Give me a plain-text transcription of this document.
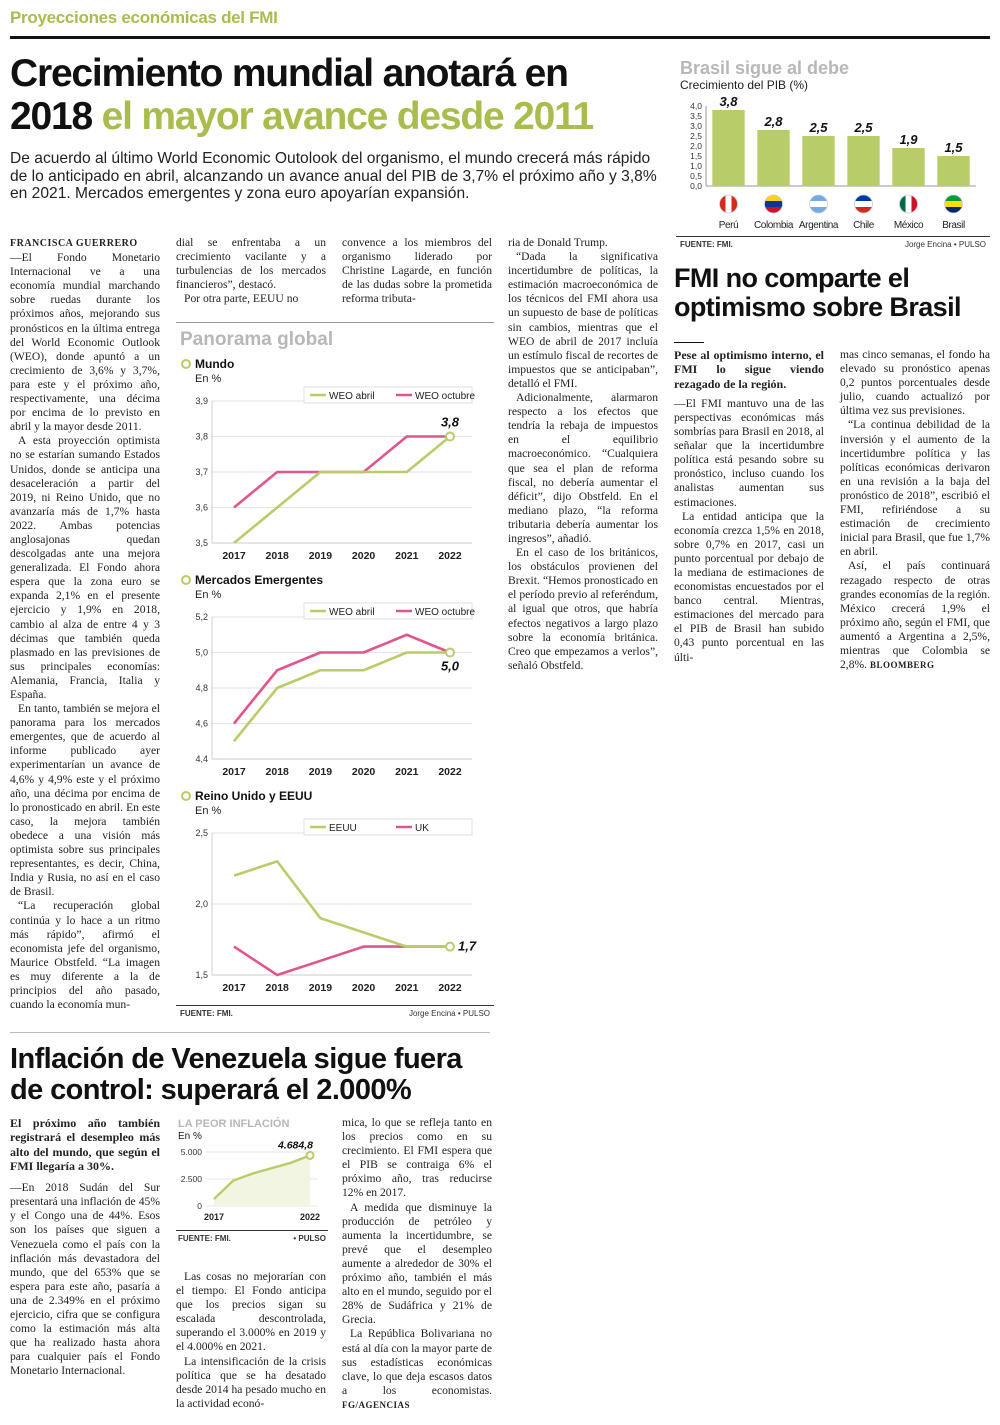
Proyecciones económicas del FMI
Crecimiento mundial anotará en
2018 el mayor avance desde 2011
De acuerdo al último World Economic Outolook del organismo, el mundo crecerá más rápido de lo anticipado en abril, alcanzando un avance anual del PIB de 3,7% el próximo año y 3,8% en 2021. Mercados emergentes y zona euro apoyarían expansión.

FRANCISCA GUERRERO

—El Fondo Monetario Internacional ve a una economía mundial marchando sobre ruedas durante los próximos años, mejorando sus pronósticos en la última entrega del World Economic Outlook (WEO), donde apuntó a un crecimiento de 3,6% y 3,7%, para este y el próximo año, respectivamente, una décima por encima de lo previsto en abril y la mayor desde 2011.

A esta proyección optimista no se estarían sumando Estados Unidos, donde se anticipa una desaceleración a partir del 2019, ni Reino Unido, que no avanzaría más de 1,7% hasta 2022. Ambas potencias anglosajonas quedan descolgadas ante una mejora generalizada. El Fondo ahora espera que la zona euro se expanda 2,1% en el presente ejercicio y 1,9% en 2018, cambio al alza de entre 4 y 3 décimas que también queda plasmado en las previsiones de sus principales economías: Alemania, Francia, Italia y España.

En tanto, también se mejora el panorama para los mercados emergentes, que de acuerdo al informe publicado ayer experimentarían un avance de 4,6% y 4,9% este y el próximo año, una décima por encima de lo pronosticado en abril. En este caso, la mejora también obedece a una visión más optimista sobre sus principales representantes, es decir, China, India y Rusia, no así en el caso de Brasil.

“La recuperación global continúa y lo hace a un ritmo más rápido”, afirmó el economista jefe del organismo, Maurice Obstfeld. “La imagen es muy diferente a la de principios del año pasado, cuando la economía mun-

dial se enfrentaba a un crecimiento vacilante y a turbulencias de los mercados financieros”, destacó.

Por otra parte, EEUU no

convence a los miembros del organismo liderado por Christine Lagarde, en función de las dudas sobre la prometida reforma tributa-

ria de Donald Trump.

“Dada la significativa incertidumbre de políticas, la estimación macroeconómica de los técnicos del FMI ahora usa un supuesto de base de políticas sin cambios, mientras que el WEO de abril de 2017 incluía un estímulo fiscal de recortes de impuestos que se anticipaban”, detalló el FMI.

Adicionalmente, alarmaron respecto a los efectos que tendría la rebaja de impuestos en el equilibrio macroeconómico. “Cualquiera que sea el plan de reforma fiscal, no debería aumentar el déficit”, dijo Obstfeld. En el mediano plazo, “la reforma tributaria debería aumentar los ingresos”, añadió.

En el caso de los británicos, los obstáculos provienen del Brexit. “Hemos pronosticado en el período previo al referéndum, al igual que otros, que habría efectos negativos a largo plazo sobre la economía británica. Creo que empezamos a verlos”, señaló Obstfeld.

Panorama global
Mundo
En %
3,9
3,8
3,7
3,6
3,5
2017 2018 2019 2020 2021 2022
WEO abril	WEO octubre
3,8
Mercados Emergentes
En %
5,2
5,0
4,8
4,6
4,4
2017 2018 2019 2020 2021 2022
WEO abril	WEO octubre
5,0
Reino Unido y EEUU
En %
2,5
2,0
1,5
2017 2018 2019 2020 2021 2022
EEUU	UK
1,7
FUENTE: FMI.	Jorge Encina • PULSO
Brasil sigue al debe
Crecimiento del PIB (%)
4,0
3,5
3,0
2,5
2,0
1,5
1,0
0,5
0,0
3,8
Perú
2,8
Colombia
2,5
Argentina
2,5
Chile
1,9
México
1,5
Brasil
FUENTE: FMI.	Jorge Encina • PULSO
FMI no comparte el optimismo sobre Brasil

Pese al optimismo interno, el FMI lo sigue viendo rezagado de la región.

—El FMI mantuvo una de las perspectivas económicas más sombrías para Brasil en 2018, al señalar que la incertidumbre política está pesando sobre su pronóstico, incluso cuando los analistas aumentan sus estimaciones.

La entidad anticipa que la economía crezca 1,5% en 2018, sobre 0,7% en 2017, casi un punto porcentual por debajo de la mediana de estimaciones de economistas encuestados por el banco central. Mientras, estimaciones del mercado para el PIB de Brasil han subido 0,43 punto porcentual en las últi-

mas cinco semanas, el fondo ha elevado su pronóstico apenas 0,2 puntos porcentuales desde julio, cuando actualizó por última vez sus previsiones.

“La continua debilidad de la inversión y el aumento de la incertidumbre política y las políticas económicas derivaron en una revisión a la baja del pronóstico de 2018”, escribió el FMI, refiriéndose a su estimación de crecimiento inicial para Brasil, que fue 1,7% en abril.

Así, el país continuará rezagado respecto de otras grandes economías de la región. México crecerá 1,9% el próximo año, según el FMI, que aumentó a Argentina a 2,5%, mientras que Colombia se 2,8%. BLOOMBERG

Inflación de Venezuela sigue fuera
de control: superará el 2.000%

El próximo año también registrará el desempleo más alto del mundo, que según el FMI llegaría a 30%.

—En 2018 Sudán del Sur presentará una inflación de 45% y el Congo una de 44%. Esos son los países que siguen a Venezuela como el país con la inflación más devastadora del mundo, que del 653% que se espera para este año, pasaría a una de 2.349% en el próximo ejercicio, cifra que se configura como la estimación más alta que ha realizado hasta ahora para cualquier país el Fondo Monetario Internacional.

LA PEOR INFLACIÓN
En %
5.000
2.500
0
4.684,8
2017	2022
FUENTE: FMI.	• PULSO

Las cosas no mejorarían con el tiempo. El Fondo anticipa que los precios sigan su escalada descontrolada, superando el 3.000% en 2019 y el 4.000% en 2021.

La intensificación de la crisis política que se ha desatado desde 2014 ha pesado mucho en la actividad econó-

mica, lo que se refleja tanto en los precios como en su crecimiento. El FMI espera que el PIB se contraiga 6% el próximo año, tras reducirse 12% en 2017.

A medida que disminuye la producción de petróleo y aumenta la incertidumbre, se prevé que el desempleo aumente a alrededor de 30% el próximo año, también el más alto en el mundo, seguido por el 28% de Sudáfrica y 21% de Grecia.

La República Bolivariana no está al día con la mayor parte de sus estadísticas económicas clave, lo que deja escasos datos a los economistas. FG/AGENCIAS
